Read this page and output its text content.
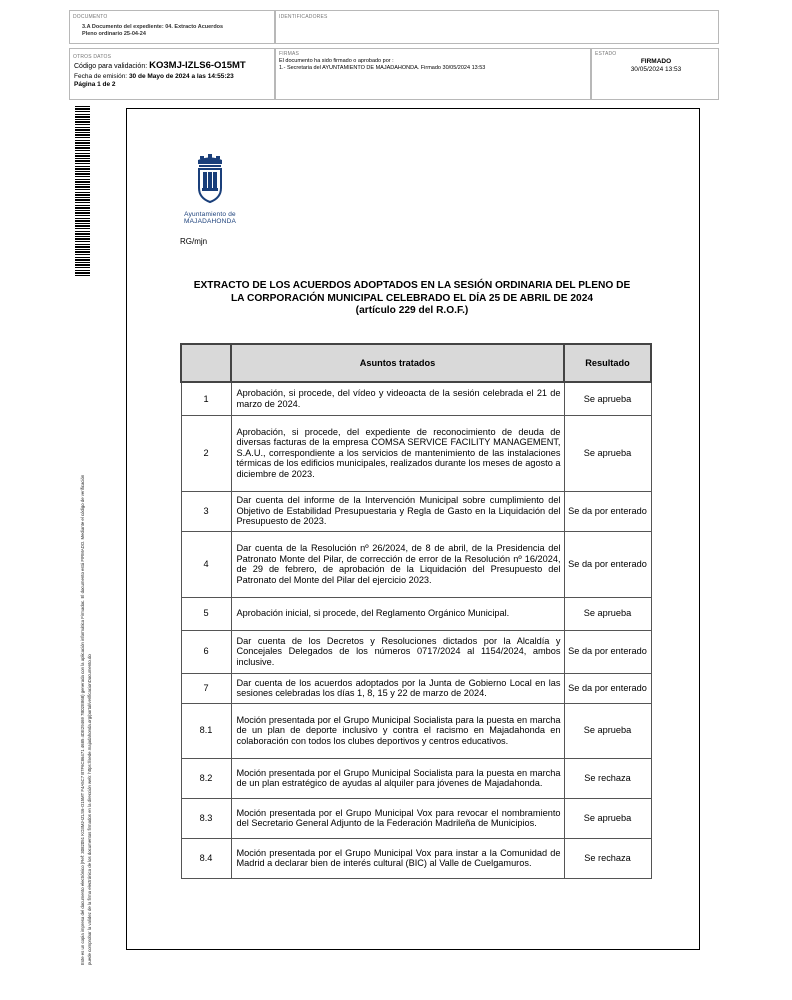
DOCUMENTO
3.A Documento del expediente: 04. Extracto Acuerdos Pleno ordinario 25-04-24
IDENTIFICADORES
OTROS DATOS
Código para validación: KO3MJ-IZLS6-O15MT
Fecha de emisión: 30 de Mayo de 2024 a las 14:55:23
Página 1 de 2
FIRMAS
El documento ha sido firmado o aprobado por :
1.- Secretaria del AYUNTAMIENTO DE MAJADAHONDA. Firmado 30/05/2024 13:53
ESTADO
FIRMADO
30/05/2024 13:53
Este es un copia impresa del documento electrónico (Ref: 3082051 KO3MJ-IZLS6-O15MT F4A5C7 B7F6C86471 4685 4DE29469 7B02E868) generada con la aplicación informática Firmadoc. El documento está FIRMADO. Mediante el código de verificación puede comprobar la validez de la firma electrónica de los documentos firmados en la dirección web: https://sede.majadahonda.org/portal/verificacionDocumento.do
Ayuntamiento de
MAJADAHONDA
RG/mjn
EXTRACTO DE LOS ACUERDOS ADOPTADOS EN LA SESIÓN ORDINARIA DEL PLENO DE
LA CORPORACIÓN MUNICIPAL CELEBRADO EL DÍA 25 DE ABRIL DE 2024
(artículo 229 del R.O.F.)
	Asuntos tratados	Resultado
1	Aprobación, si procede, del vídeo y videoacta de la sesión celebrada el 21 de marzo de 2024.	Se aprueba
2	Aprobación, si procede, del expediente de reconocimiento de deuda de diversas facturas de la empresa COMSA SERVICE FACILITY MANAGEMENT, S.A.U., correspondiente a los servicios de mantenimiento de las instalaciones térmicas de los edificios municipales, realizados durante los meses de agosto a diciembre de 2023.	Se aprueba
3	Dar cuenta del informe de la Intervención Municipal sobre cumplimiento del Objetivo de Estabilidad Presupuestaria y Regla de Gasto en la Liquidación del Presupuesto de 2023.	Se da por enterado
4	Dar cuenta de la Resolución nº 26/2024, de 8 de abril, de la Presidencia del Patronato Monte del Pilar, de corrección de error de la Resolución nº 16/2024, de 29 de febrero, de aprobación de la Liquidación del Presupuesto del Patronato del Monte del Pilar del ejercicio 2023.	Se da por enterado
5	Aprobación inicial, si procede, del Reglamento Orgánico Municipal.	Se aprueba
6	Dar cuenta de los Decretos y Resoluciones dictados por la Alcaldía y Concejales Delegados de los números 0717/2024 al 1154/2024, ambos inclusive.	Se da por enterado
7	Dar cuenta de los acuerdos adoptados por la Junta de Gobierno Local en las sesiones celebradas los días 1, 8, 15 y 22 de marzo de 2024.	Se da por enterado
8.1	Moción presentada por el Grupo Municipal Socialista para la puesta en marcha de un plan de deporte inclusivo y contra el racismo en Majadahonda en colaboración con todos los clubes deportivos y centros educativos.	Se aprueba
8.2	Moción presentada por el Grupo Municipal Socialista para la puesta en marcha de un plan estratégico de ayudas al alquiler para jóvenes de Majadahonda.	Se rechaza
8.3	Moción presentada por el Grupo Municipal Vox para revocar el nombramiento del Secretario General Adjunto de la Federación Madrileña de Municipios.	Se aprueba
8.4	Moción presentada por el Grupo Municipal Vox para instar a la Comunidad de Madrid a declarar bien de interés cultural (BIC) al Valle de Cuelgamuros.	Se rechaza
